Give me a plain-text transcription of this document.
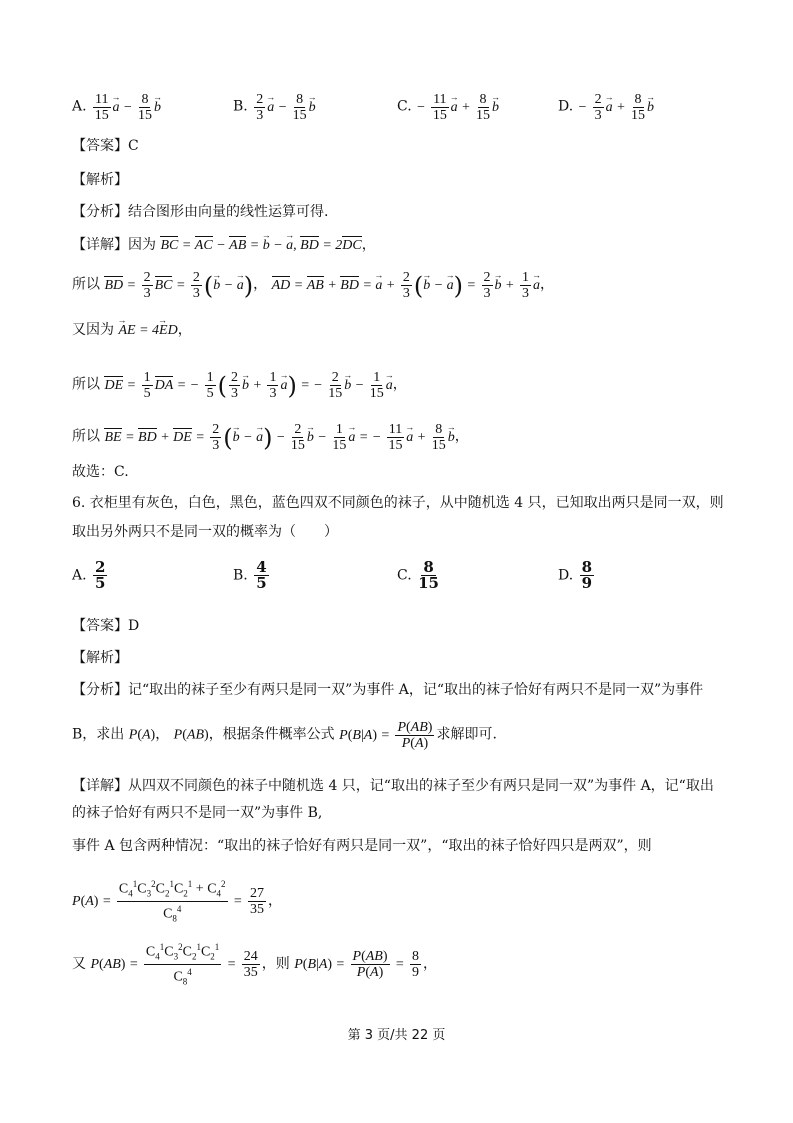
A. $\frac{11}{15}$
→ $a - \frac{8}{15}$
→ b	B. $\frac{2}{3}$
→ $a - \frac{8}{15}$
→ b	C. − $\frac{11}{15}$
→ $a + \frac{8}{15}$
→ b	D. − $\frac{2}{3}$
→ $a + \frac{8}{15}$
→ b
【答案】C
【解析】
【分析】结合图形由向量的线性运算可得.
【详解】因为 BC = AC − AB = → b − → a, BD = 2DC，
所以 BD = $\frac{2}{3}$ BC = $\frac{2}{3}$ (→ b − → a)， AD = AB + BD = → $a + \frac{2}{3}$ (→ b − → $a) = \frac{2}{3}$
→ $b + \frac{1}{3}$
→ a，
又因为 → AE = 4→ ED，
所以 DE = $\frac{1}{5}$ DA = − $\frac{1}{5}$ ( $\frac{2}{3}$
→ $b + \frac{1}{3}$
→ a) = − $\frac{2}{15}$
→ $b - \frac{1}{15}$
→ a，
所以 BE = BD + DE = $\frac{2}{3}$ (→ b − → $a) - \frac{2}{15}$
→ $b - \frac{1}{15}$
→ a = − $\frac{11}{15}$
→ $a + \frac{8}{15}$
→ b，
故选：C.
6. 衣柜里有灰色，白色，黑色，蓝色四双不同颜色的袜子，从中随机选 4 只，已知取出两只是同一双，则
取出另外两只不是同一双的概率为（　　）
A. $\frac{2}{5}$	B. $\frac{4}{5}$	C. $\frac{8}{15}$	D. $\frac{8}{9}$
【答案】D
【解析】
【分析】记“取出的袜子至少有两只是同一双”为事件 A，记“取出的袜子恰好有两只不是同一双”为事件
B，求出 P(A)， P(AB)，根据条件概率公式 $P(B|A) = \frac{P(AB)}{P(A)}$ 求解即可.
【详解】从四双不同颜色的袜子中随机选 4 只，记“取出的袜子至少有两只是同一双”为事件 A，记“取出
的袜子恰好有两只不是同一双”为事件 B,
事件 A 包含两种情况：“取出的袜子恰好有两只是同一双”，“取出的袜子恰好四只是两双”，则
$P(A) = \frac{C_4^1C_3^2C_2^1C_2^1 + C_4^2}{C_8^4} = \frac{27}{35}$ ，
又 $P(AB) = \frac{C_4^1C_3^2C_2^1C_2^1}{C_8^4} = \frac{24}{35}$ ，则 $P(B|A) = \frac{P(AB)}{P(A)} = \frac{8}{9}$ ，
第 3 页/共 22 页
